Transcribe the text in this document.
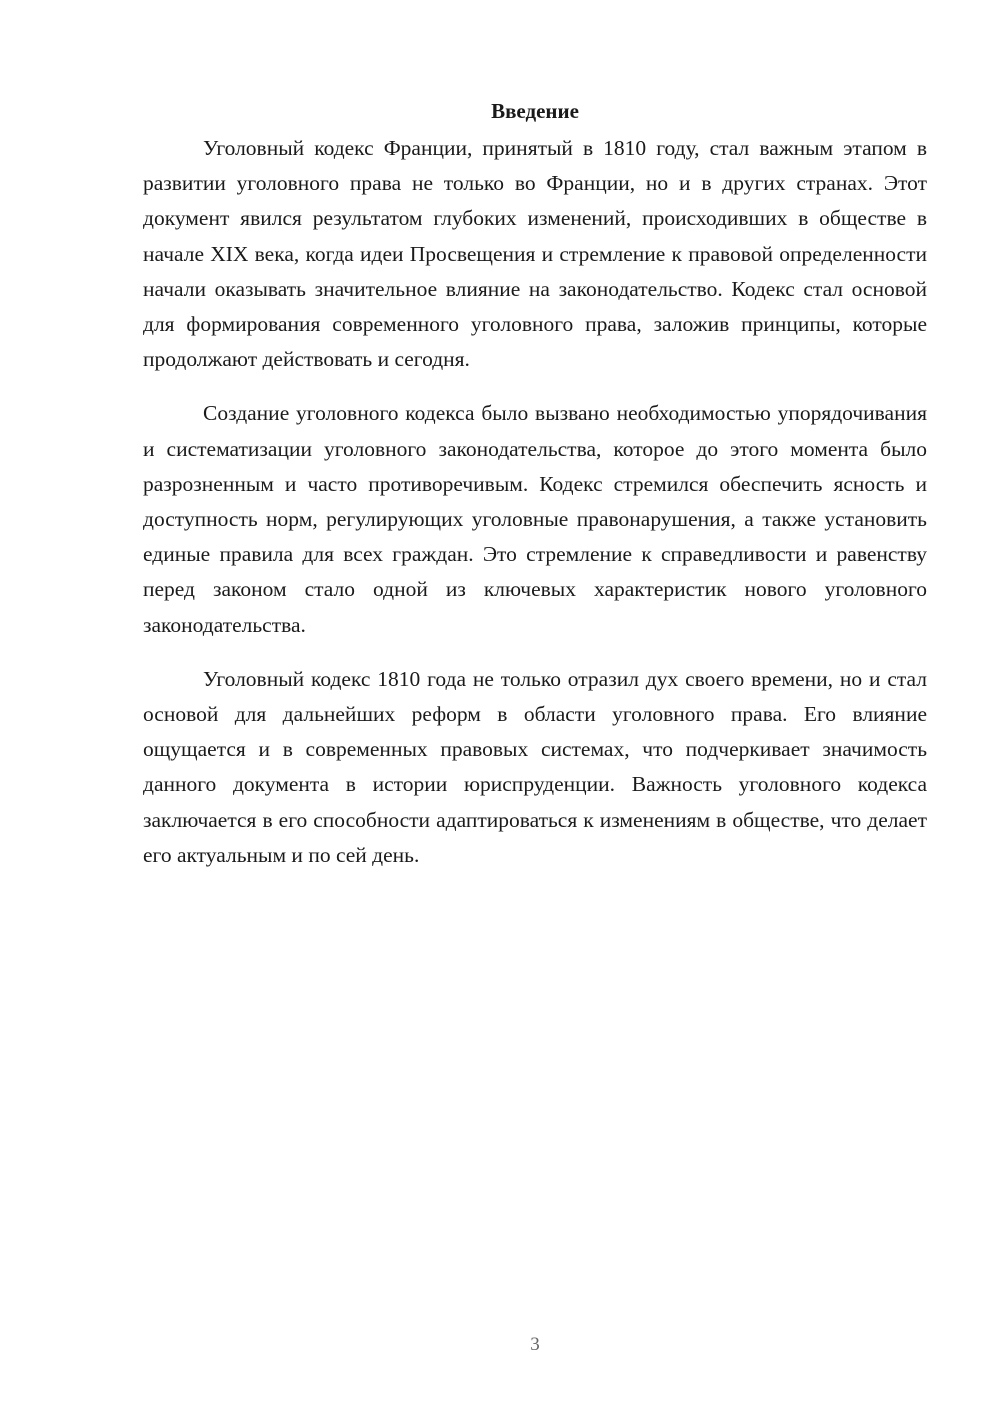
Введение

Уголовный кодекс Франции, принятый в 1810 году, стал важным этапом в развитии уголовного права не только во Франции, но и в других странах. Этот документ явился результатом глубоких изменений, происходивших в обществе в начале XIX века, когда идеи Просвещения и стремление к правовой определенности начали оказывать значительное влияние на законодательство. Кодекс стал основой для формирования современного уголовного права, заложив принципы, которые продолжают действовать и сегодня.

Создание уголовного кодекса было вызвано необходимостью упорядочивания и систематизации уголовного законодательства, которое до этого момента было разрозненным и часто противоречивым. Кодекс стремился обеспечить ясность и доступность норм, регулирующих уголовные правонарушения, а также установить единые правила для всех граждан. Это стремление к справедливости и равенству перед законом стало одной из ключевых характеристик нового уголовного законодательства.

Уголовный кодекс 1810 года не только отразил дух своего времени, но и стал основой для дальнейших реформ в области уголовного права. Его влияние ощущается и в современных правовых системах, что подчеркивает значимость данного документа в истории юриспруденции. Важность уголовного кодекса заключается в его способности адаптироваться к изменениям в обществе, что делает его актуальным и по сей день.

3
